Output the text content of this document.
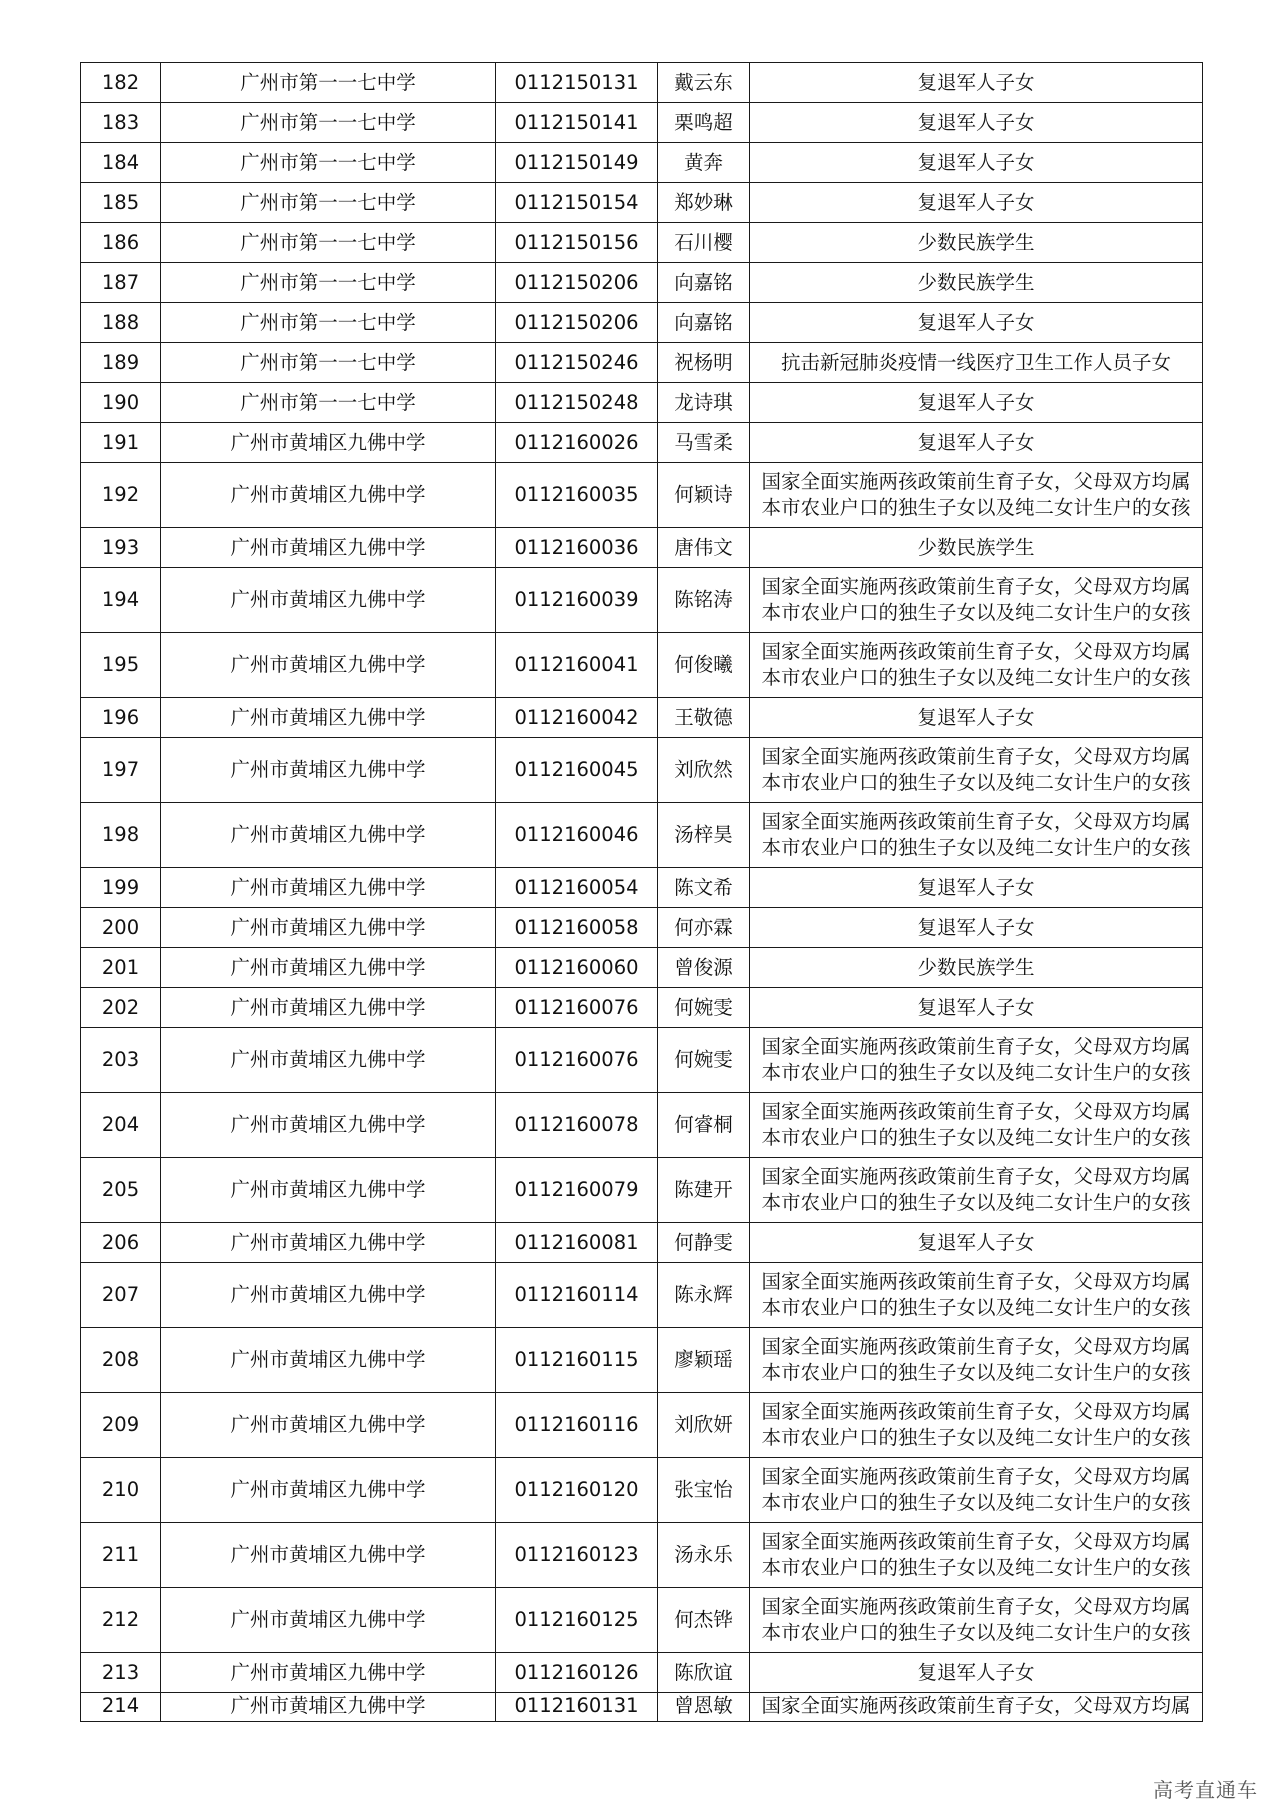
182	广州市第一一七中学	0112150131	戴云东	复退军人子女
183	广州市第一一七中学	0112150141	栗鸣超	复退军人子女
184	广州市第一一七中学	0112150149	黄奔	复退军人子女
185	广州市第一一七中学	0112150154	郑妙琳	复退军人子女
186	广州市第一一七中学	0112150156	石川樱	少数民族学生
187	广州市第一一七中学	0112150206	向嘉铭	少数民族学生
188	广州市第一一七中学	0112150206	向嘉铭	复退军人子女
189	广州市第一一七中学	0112150246	祝杨明	抗击新冠肺炎疫情一线医疗卫生工作人员子女
190	广州市第一一七中学	0112150248	龙诗琪	复退军人子女
191	广州市黄埔区九佛中学	0112160026	马雪柔	复退军人子女
192	广州市黄埔区九佛中学	0112160035	何颖诗	国家全面实施两孩政策前生育子女，父母双方均属本市农业户口的独生子女以及纯二女计生户的女孩
193	广州市黄埔区九佛中学	0112160036	唐伟文	少数民族学生
194	广州市黄埔区九佛中学	0112160039	陈铭涛	国家全面实施两孩政策前生育子女，父母双方均属本市农业户口的独生子女以及纯二女计生户的女孩
195	广州市黄埔区九佛中学	0112160041	何俊曦	国家全面实施两孩政策前生育子女，父母双方均属本市农业户口的独生子女以及纯二女计生户的女孩
196	广州市黄埔区九佛中学	0112160042	王敬德	复退军人子女
197	广州市黄埔区九佛中学	0112160045	刘欣然	国家全面实施两孩政策前生育子女，父母双方均属本市农业户口的独生子女以及纯二女计生户的女孩
198	广州市黄埔区九佛中学	0112160046	汤梓昊	国家全面实施两孩政策前生育子女，父母双方均属本市农业户口的独生子女以及纯二女计生户的女孩
199	广州市黄埔区九佛中学	0112160054	陈文希	复退军人子女
200	广州市黄埔区九佛中学	0112160058	何亦霖	复退军人子女
201	广州市黄埔区九佛中学	0112160060	曾俊源	少数民族学生
202	广州市黄埔区九佛中学	0112160076	何婉雯	复退军人子女
203	广州市黄埔区九佛中学	0112160076	何婉雯	国家全面实施两孩政策前生育子女，父母双方均属本市农业户口的独生子女以及纯二女计生户的女孩
204	广州市黄埔区九佛中学	0112160078	何睿桐	国家全面实施两孩政策前生育子女，父母双方均属本市农业户口的独生子女以及纯二女计生户的女孩
205	广州市黄埔区九佛中学	0112160079	陈建开	国家全面实施两孩政策前生育子女，父母双方均属本市农业户口的独生子女以及纯二女计生户的女孩
206	广州市黄埔区九佛中学	0112160081	何静雯	复退军人子女
207	广州市黄埔区九佛中学	0112160114	陈永辉	国家全面实施两孩政策前生育子女，父母双方均属本市农业户口的独生子女以及纯二女计生户的女孩
208	广州市黄埔区九佛中学	0112160115	廖颖瑶	国家全面实施两孩政策前生育子女，父母双方均属本市农业户口的独生子女以及纯二女计生户的女孩
209	广州市黄埔区九佛中学	0112160116	刘欣妍	国家全面实施两孩政策前生育子女，父母双方均属本市农业户口的独生子女以及纯二女计生户的女孩
210	广州市黄埔区九佛中学	0112160120	张宝怡	国家全面实施两孩政策前生育子女，父母双方均属本市农业户口的独生子女以及纯二女计生户的女孩
211	广州市黄埔区九佛中学	0112160123	汤永乐	国家全面实施两孩政策前生育子女，父母双方均属本市农业户口的独生子女以及纯二女计生户的女孩
212	广州市黄埔区九佛中学	0112160125	何杰铧	国家全面实施两孩政策前生育子女，父母双方均属本市农业户口的独生子女以及纯二女计生户的女孩
213	广州市黄埔区九佛中学	0112160126	陈欣谊	复退军人子女
214	广州市黄埔区九佛中学	0112160131	曾恩敏	国家全面实施两孩政策前生育子女，父母双方均属
高考直通车
